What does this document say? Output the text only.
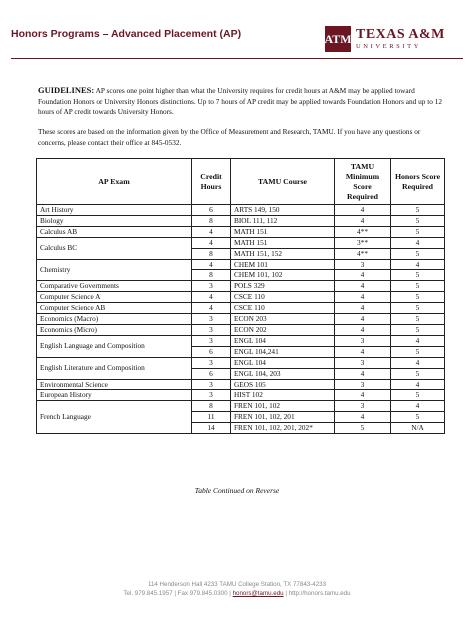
Honors Programs – Advanced Placement (AP)	ATM TEXAS A&M
UNIVERSITY
GUIDELINES: AP scores one point higher than what the University requires for credit hours at A&M may be applied toward Foundation Honors or University Honors distinctions. Up to 7 hours of AP credit may be applied towards Foundation Honors and up to 12 hours of AP credit towards University Honors.
These scores are based on the information given by the Office of Measurement and Research, TAMU. If you have any questions or concerns, please contact their office at 845-0532.
AP Exam	Credit Hours	TAMU Course	TAMU Minimum Score Required	Honors Score Required
Art History	6	ARTS 149, 150	4	5
Biology	8	BIOL 111, 112	4	5
Calculus AB	4	MATH 151	4**	5
Calculus BC	4	MATH 151	3**	4
	8	MATH 151, 152	4**	5
Chemistry	4	CHEM 101	3	4
	8	CHEM 101, 102	4	5
Comparative Governments	3	POLS 329	4	5
Computer Science A	4	CSCE 110	4	5
Computer Science AB	4	CSCE 110	4	5
Economics (Macro)	3	ECON 203	4	5
Economics (Micro)	3	ECON 202	4	5
English Language and Composition	3	ENGL 104	3	4
	6	ENGL 104,241	4	5
English Literature and Composition	3	ENGL 104	3	4
	6	ENGL 104, 203	4	5
Environmental Science	3	GEOS 105	3	4
European History	3	HIST 102	4	5
French Language	8	FREN 101, 102	3	4
	11	FREN 101, 102, 201	4	5
	14	FREN 101, 102, 201, 202*	5	N/A
Table Continued on Reverse
114 Henderson Hall 4233 TAMU College Station, TX 77843-4233
Tel. 979.845.1957 | Fax 979.845.0300 | honors@tamu.edu | http://honors.tamu.edu
